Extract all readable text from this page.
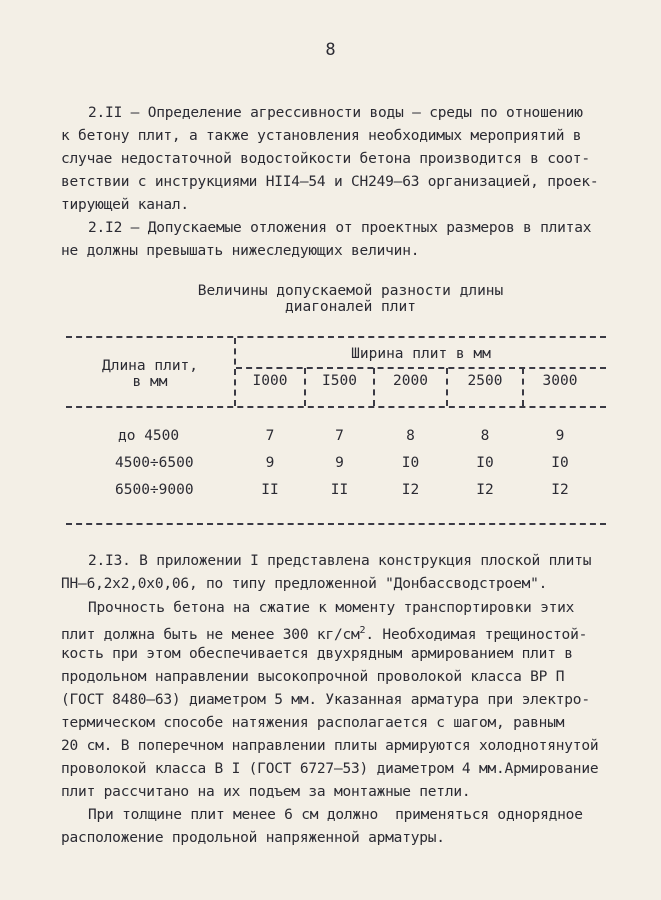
8
2.II – Определение агрессивности воды – среды по отношению
к бетону плит, а также установления необходимых мероприятий в
случае недостаточной водостойкости бетона производится в соот-
ветствии с инструкциями НII4–54 и СН249–63 организацией, проек-
тирующей канал.
2.I2 – Допускаемые отложения от проектных размеров в плитах
не должны превышать нижеследующих величин.
Величины допускаемой разности длины
диагоналей плит
Длина плит,
в мм
Ширина плит в мм
I000	I500	2000	2500	3000
до 4500	7	7	8	8	9
4500÷6500	9	9	I0	I0	I0
6500÷9000	II	II	I2	I2	I2
2.I3. В приложении I представлена конструкция плоской плиты
ПН–6,2х2,0х0,06, по типу предложенной "Донбассводстроем".
Прочность бетона на сжатие к моменту транспортировки этих
плит должна быть не менее 300 $кг/см^2$. Необходимая трещиностой-
кость при этом обеспечивается двухрядным армированием плит в
продольном направлении высокопрочной проволокой класса ВР П
(ГОСТ 8480–63) диаметром 5 мм. Указанная арматура при электро-
термическом способе натяжения располагается с шагом, равным
20 см. В поперечном направлении плиты армируются холоднотянутой
проволокой класса В I (ГОСТ 6727–53) диаметром 4 мм.Армирование
плит рассчитано на их подъем за монтажные петли.
При толщине плит менее 6 см должно  применяться однорядное
расположение продольной напряженной арматуры.
